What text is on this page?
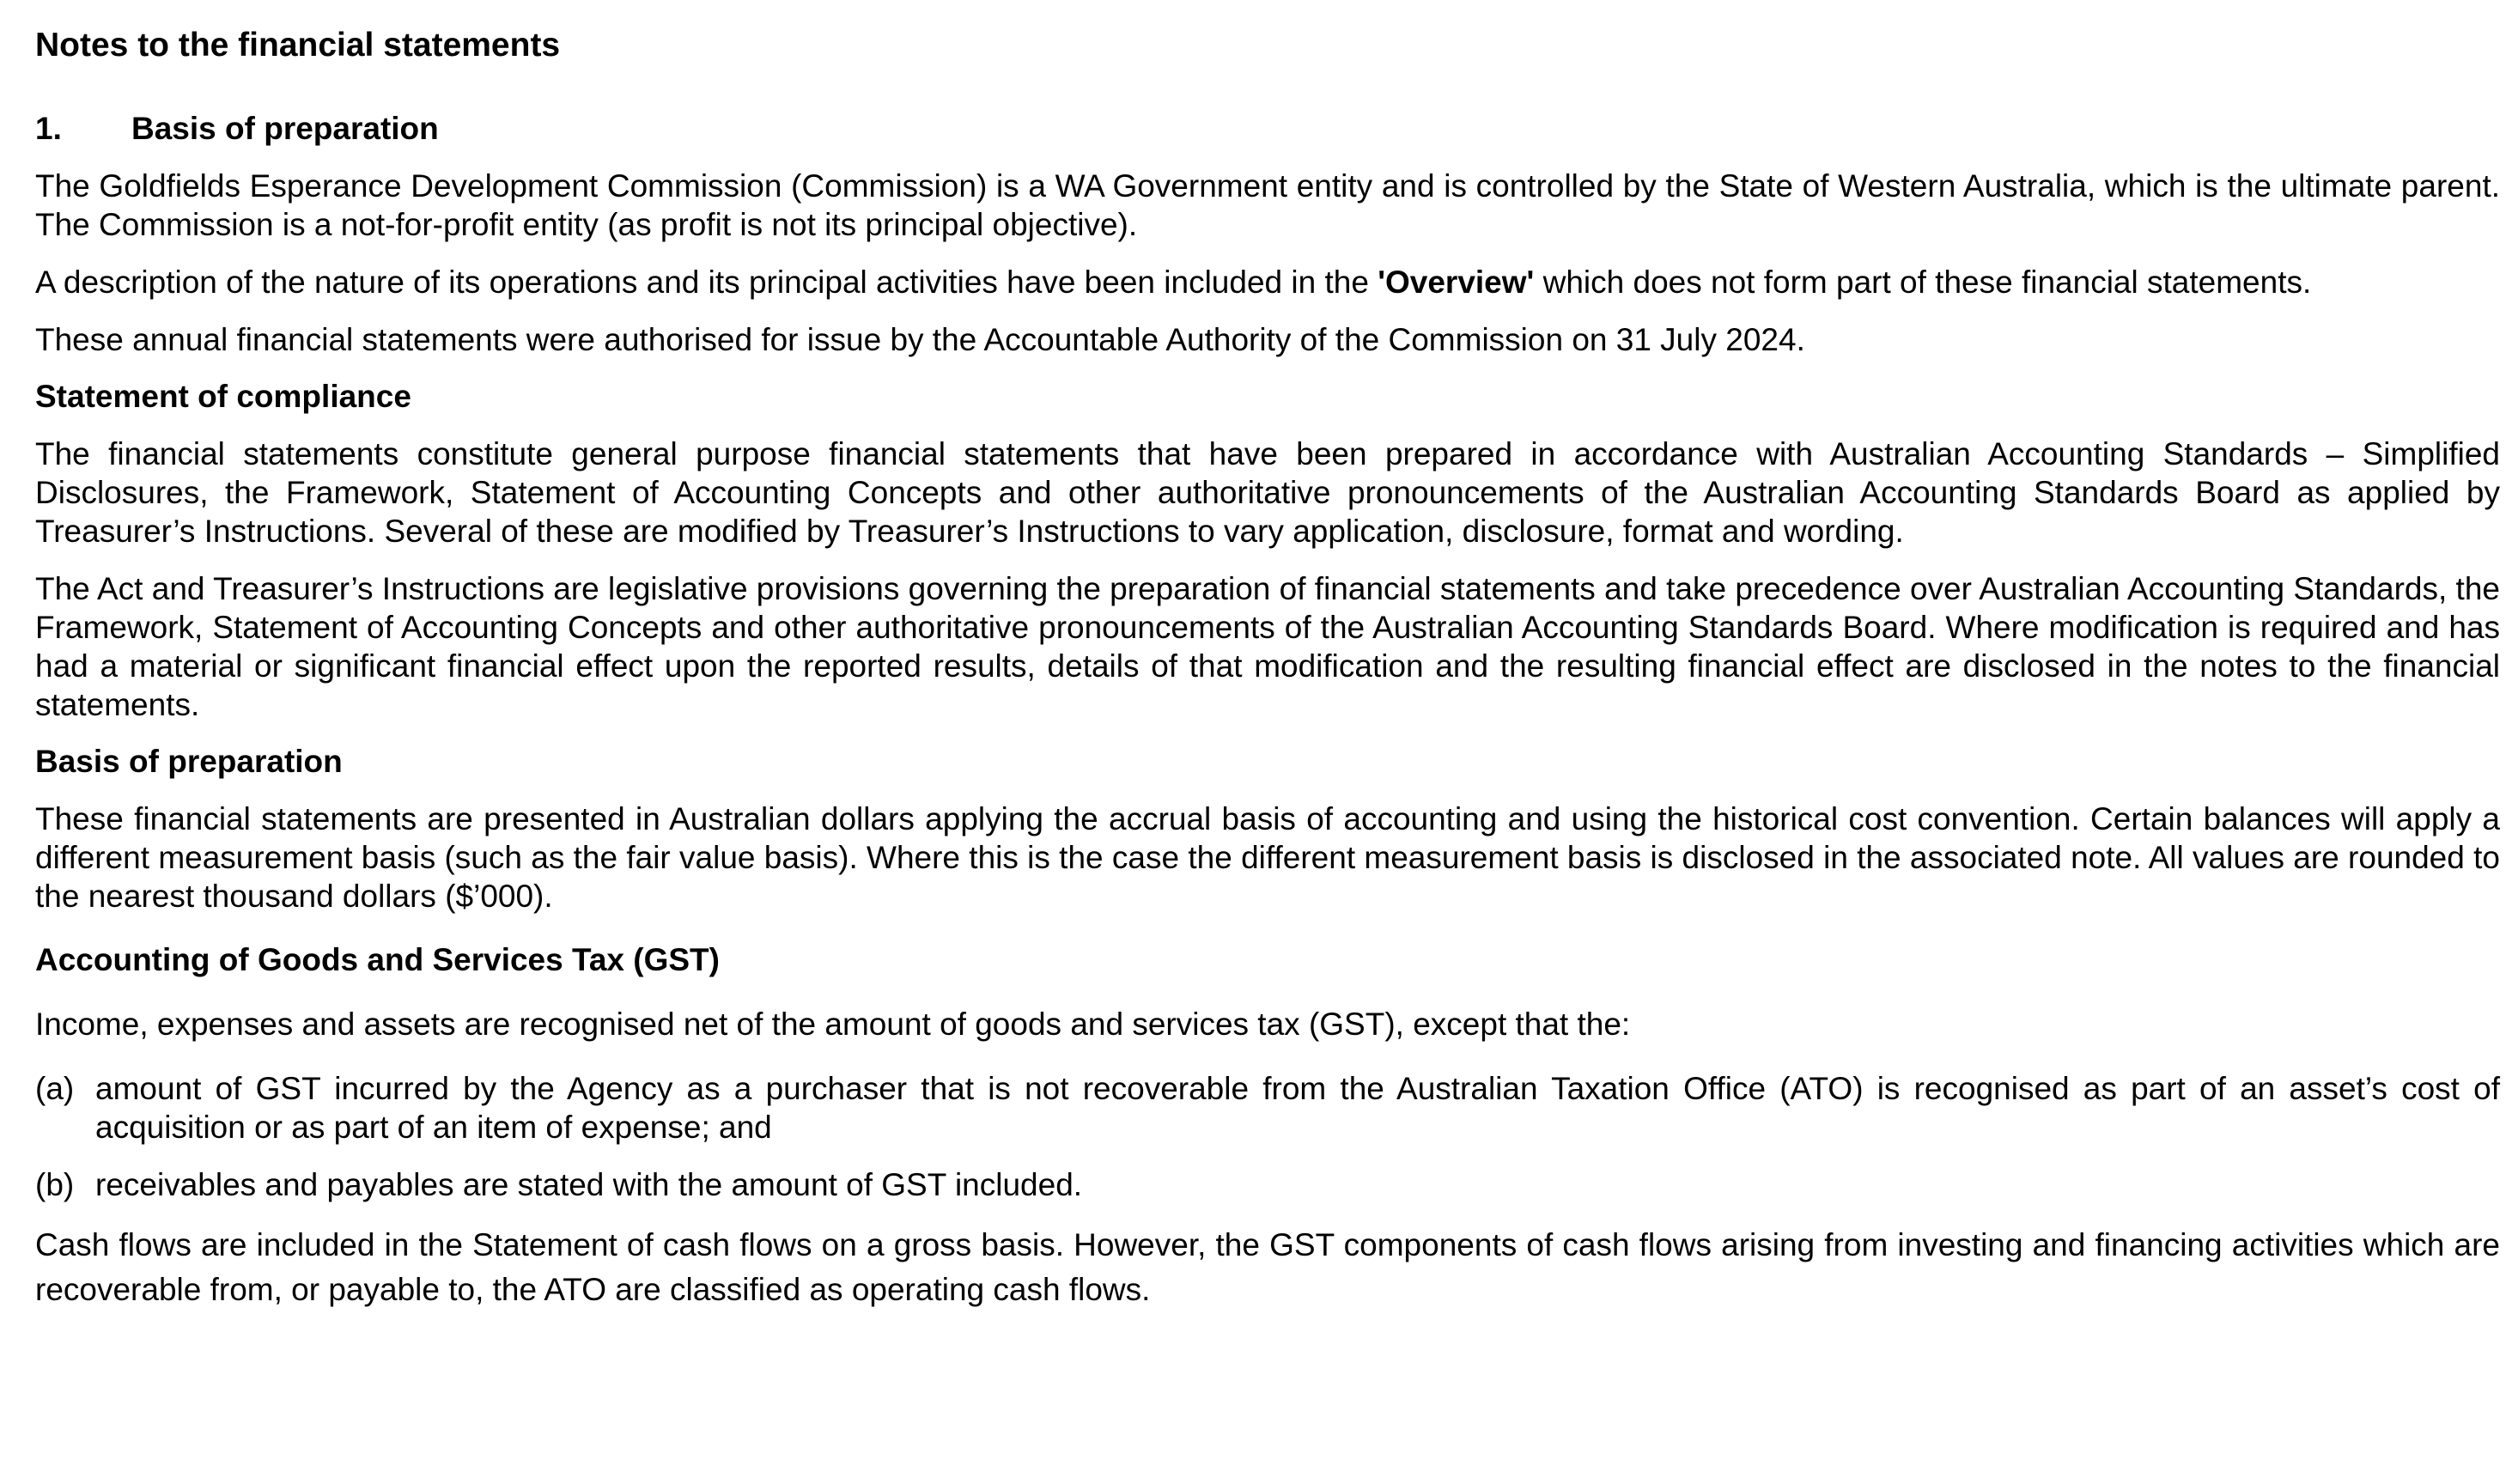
Notes to the financial statements
1.	Basis of preparation

The Goldfields Esperance Development Commission (Commission) is a WA Government entity and is controlled by the State of Western Australia, which is the ultimate parent. The Commission is a not-for-profit entity (as profit is not its principal objective).

A description of the nature of its operations and its principal activities have been included in the 'Overview' which does not form part of these financial statements.

These annual financial statements were authorised for issue by the Accountable Authority of the Commission on 31 July 2024.

Statement of compliance

The financial statements constitute general purpose financial statements that have been prepared in accordance with Australian Accounting Standards – Simplified Disclosures, the Framework, Statement of Accounting Concepts and other authoritative pronouncements of the Australian Accounting Standards Board as applied by Treasurer’s Instructions. Several of these are modified by Treasurer’s Instructions to vary application, disclosure, format and wording.

The Act and Treasurer’s Instructions are legislative provisions governing the preparation of financial statements and take precedence over Australian Accounting Standards, the Framework, Statement of Accounting Concepts and other authoritative pronouncements of the Australian Accounting Standards Board. Where modification is required and has had a material or significant financial effect upon the reported results, details of that modification and the resulting financial effect are disclosed in the notes to the financial statements.

Basis of preparation

These financial statements are presented in Australian dollars applying the accrual basis of accounting and using the historical cost convention. Certain balances will apply a different measurement basis (such as the fair value basis). Where this is the case the different measurement basis is disclosed in the associated note. All values are rounded to the nearest thousand dollars ($’000).

Accounting of Goods and Services Tax (GST)

Income, expenses and assets are recognised net of the amount of goods and services tax (GST), except that the:

(a) amount of GST incurred by the Agency as a purchaser that is not recoverable from the Australian Taxation Office (ATO) is recognised as part of an asset’s cost of acquisition or as part of an item of expense; and
(b) receivables and payables are stated with the amount of GST included.

Cash flows are included in the Statement of cash flows on a gross basis. However, the GST components of cash flows arising from investing and financing activities which are recoverable from, or payable to, the ATO are classified as operating cash flows.
